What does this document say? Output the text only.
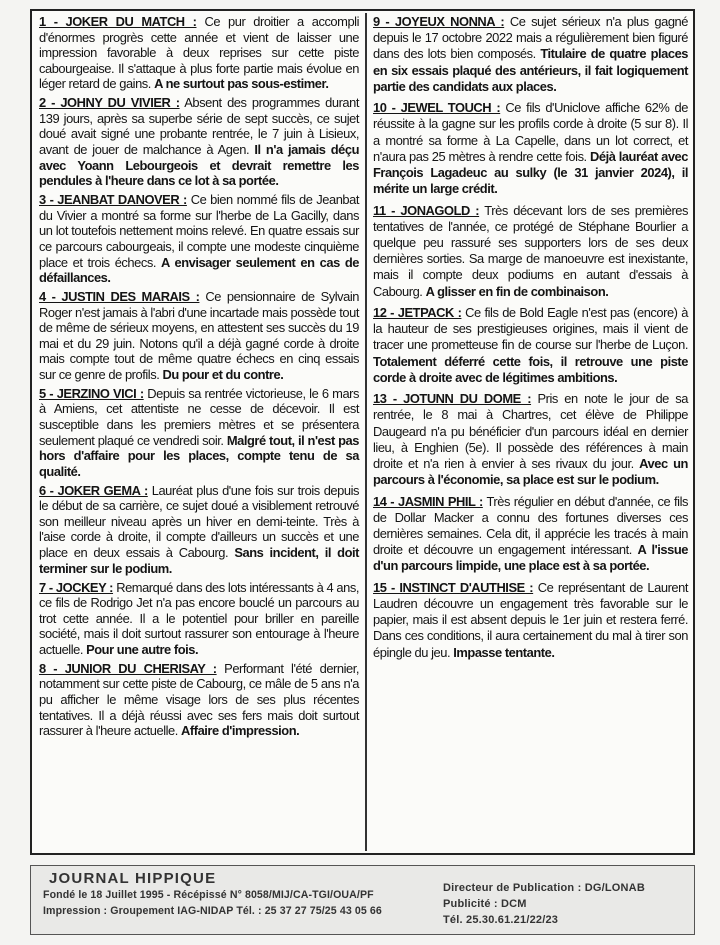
1 - JOKER DU MATCH : Ce pur droitier a accompli d'énormes progrès cette année et vient de laisser une impression favorable à deux reprises sur cette piste cabourgeaise. Il s'attaque à plus forte partie mais évolue en léger retard de gains. A ne surtout pas sous-estimer.

2 - JOHNY DU VIVIER : Absent des programmes durant 139 jours, après sa superbe série de sept succès, ce sujet doué avait signé une probante rentrée, le 7 juin à Lisieux, avant de jouer de malchance à Agen. Il n'a jamais déçu avec Yoann Lebourgeois et devrait remettre les pendules à l'heure dans ce lot à sa portée.

3 - JEANBAT DANOVER : Ce bien nommé fils de Jeanbat du Vivier a montré sa forme sur l'herbe de La Gacilly, dans un lot toutefois nettement moins relevé. En quatre essais sur ce parcours cabourgeais, il compte une modeste cinquième place et trois échecs. A envisager seulement en cas de défaillances.

4 - JUSTIN DES MARAIS : Ce pensionnaire de Sylvain Roger n'est jamais à l'abri d'une incartade mais possède tout de même de sérieux moyens, en attestent ses succès du 19 mai et du 29 juin. Notons qu'il a déjà gagné corde à droite mais compte tout de même quatre échecs en cinq essais sur ce genre de profils. Du pour et du contre.

5 - JERZINO VICI : Depuis sa rentrée victorieuse, le 6 mars à Amiens, cet attentiste ne cesse de décevoir. Il est susceptible dans les premiers mètres et se présentera seulement plaqué ce vendredi soir. Malgré tout, il n'est pas hors d'affaire pour les places, compte tenu de sa qualité.

6 - JOKER GEMA : Lauréat plus d'une fois sur trois depuis le début de sa carrière, ce sujet doué a visiblement retrouvé son meilleur niveau après un hiver en demi-teinte. Très à l'aise corde à droite, il compte d'ailleurs un succès et une place en deux essais à Cabourg. Sans incident, il doit terminer sur le podium.

7 - JOCKEY : Remarqué dans des lots intéressants à 4 ans, ce fils de Rodrigo Jet n'a pas encore bouclé un parcours au trot cette année. Il a le potentiel pour briller en pareille société, mais il doit surtout rassurer son entourage à l'heure actuelle. Pour une autre fois.

8 - JUNIOR DU CHERISAY : Performant l'été dernier, notamment sur cette piste de Cabourg, ce mâle de 5 ans n'a pu afficher le même visage lors de ses plus récentes tentatives. Il a déjà réussi avec ses fers mais doit surtout rassurer à l'heure actuelle. Affaire d'impression.

9 - JOYEUX NONNA : Ce sujet sérieux n'a plus gagné depuis le 17 octobre 2022 mais a régulièrement bien figuré dans des lots bien composés. Titulaire de quatre places en six essais plaqué des antérieurs, il fait logiquement partie des candidats aux places.

10 - JEWEL TOUCH : Ce fils d'Uniclove affiche 62% de réussite à la gagne sur les profils corde à droite (5 sur 8). Il a montré sa forme à La Capelle, dans un lot correct, et n'aura pas 25 mètres à rendre cette fois. Déjà lauréat avec François Lagadeuc au sulky (le 31 janvier 2024), il mérite un large crédit.

11 - JONAGOLD : Très décevant lors de ses premières tentatives de l'année, ce protégé de Stéphane Bourlier a quelque peu rassuré ses supporters lors de ses deux dernières sorties. Sa marge de manoeuvre est inexistante, mais il compte deux podiums en autant d'essais à Cabourg. A glisser en fin de combinaison.

12 - JETPACK : Ce fils de Bold Eagle n'est pas (encore) à la hauteur de ses prestigieuses origines, mais il vient de tracer une prometteuse fin de course sur l'herbe de Luçon. Totalement déferré cette fois, il retrouve une piste corde à droite avec de légitimes ambitions.

13 - JOTUNN DU DOME : Pris en note le jour de sa rentrée, le 8 mai à Chartres, cet élève de Philippe Daugeard n'a pu bénéficier d'un parcours idéal en dernier lieu, à Enghien (5e). Il possède des références à main droite et n'a rien à envier à ses rivaux du jour. Avec un parcours à l'économie, sa place est sur le podium.

14 - JASMIN PHIL : Très régulier en début d'année, ce fils de Dollar Macker a connu des fortunes diverses ces dernières semaines. Cela dit, il apprécie les tracés à main droite et découvre un engagement intéressant. A l'issue d'un parcours limpide, une place est à sa portée.

15 - INSTINCT D'AUTHISE : Ce représentant de Laurent Laudren découvre un engagement très favorable sur le papier, mais il est absent depuis le 1er juin et restera ferré. Dans ces conditions, il aura certainement du mal à tirer son épingle du jeu. Impasse tentante.

JOURNAL HIPPIQUE
Fondé le 18 Juillet 1995 - Récépissé N° 8058/MIJ/CA-TGI/OUA/PF
Impression : Groupement IAG-NIDAP Tél. : 25 37 27 75/25 43 05 66
Directeur de Publication : DG/LONAB
Publicité : DCM
Tél. 25.30.61.21/22/23
